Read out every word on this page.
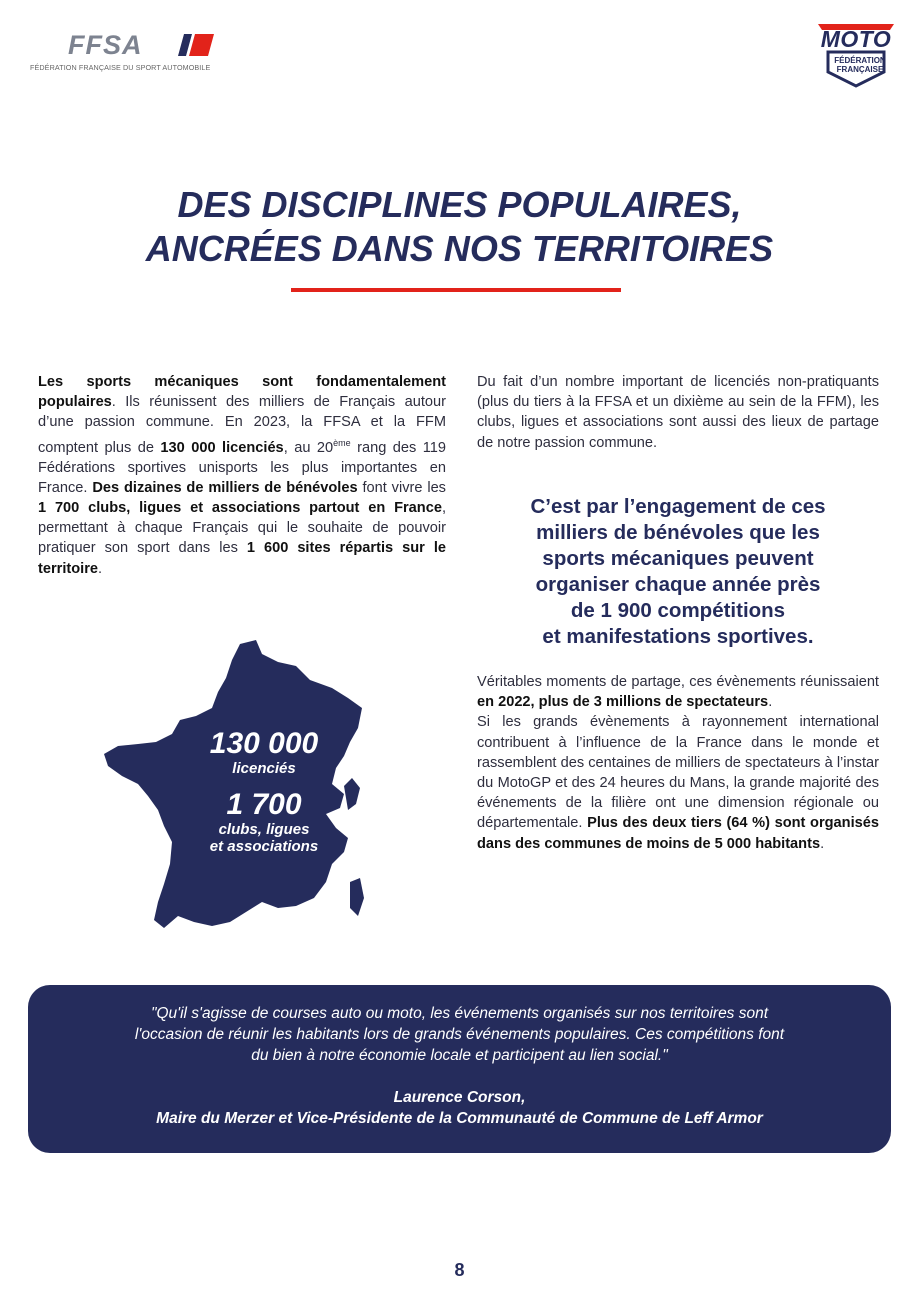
FFSA
FÉDÉRATION FRANÇAISE DU SPORT AUTOMOBILE
MOTO
FÉDÉRATION
FRANÇAISE
DES DISCIPLINES POPULAIRES,
ANCRÉES DANS NOS TERRITOIRES
Les sports mécaniques sont fondamentalement populaires. Ils réunissent des milliers de Français autour d’une passion commune. En 2023, la FFSA et la FFM comptent plus de 130 000 licenciés, au 20ème rang des 119 Fédérations sportives unisports les plus importantes en France. Des dizaines de milliers de bénévoles font vivre les 1 700 clubs, ligues et associations partout en France, permettant à chaque Français qui le souhaite de pouvoir pratiquer son sport dans les 1 600 sites répartis sur le territoire.
Du fait d’un nombre important de licenciés non-pratiquants (plus du tiers à la FFSA et un dixième au sein de la FFM), les clubs, ligues et associations sont aussi des lieux de partage de notre passion commune.
C’est par l’engagement de ces
milliers de bénévoles que les
sports mécaniques peuvent
organiser chaque année près
de 1 900 compétitions
et manifestations sportives.
Véritables moments de partage, ces évènements réunissaient en 2022, plus de 3 millions de spectateurs.
Si les grands évènements à rayonnement international contribuent à l’influence de la France dans le monde et rassemblent des centaines de milliers de spectateurs à l’instar du MotoGP et des 24 heures du Mans, la grande majorité des événements de la filière ont une dimension régionale ou départementale. Plus des deux tiers (64 %) sont organisés dans des communes de moins de 5 000 habitants.
130 000
licenciés
1 700
clubs, ligues
et associations
"Qu'il s'agisse de courses auto ou moto, les événements organisés sur nos territoires sont
l'occasion de réunir les habitants lors de grands événements populaires. Ces compétitions font
du bien à notre économie locale et participent au lien social."
Laurence Corson,
Maire du Merzer et Vice-Présidente de la Communauté de Commune de Leff Armor
8
